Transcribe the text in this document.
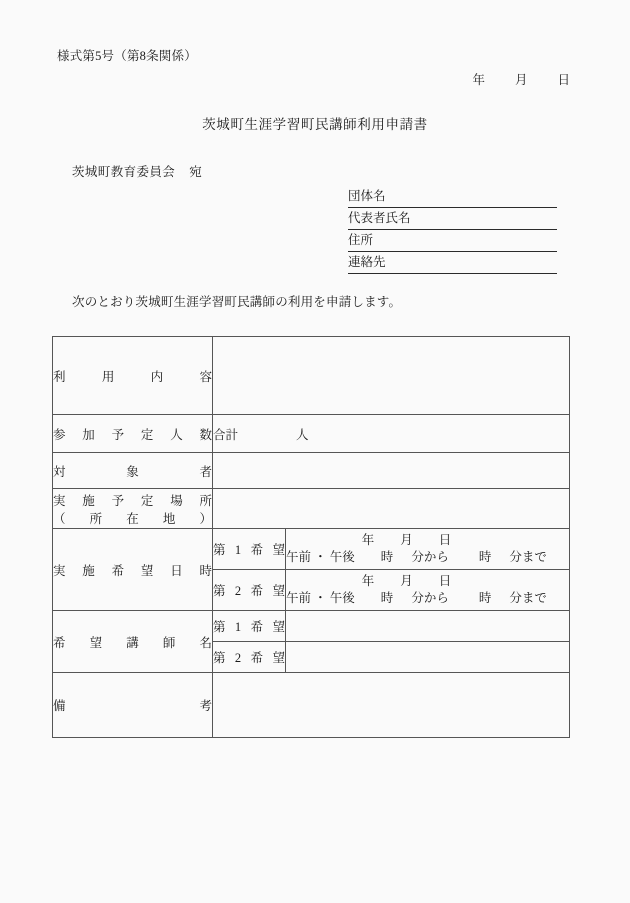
様式第5号（第8条関係）
年 月 日
茨城町生涯学習町民講師利用申請書
茨城町教育委員会 宛
団体名
代表者氏名
住所
連絡先
次のとおり茨城町生涯学習町民講師の利用を申請します。
利用内容		
参加予定人数	合計 人	
対象者		

実施予定場所
（所在地）		

実施希望日時	第1希望	年 月 日
午前 ・ 午後 時 分から 時 分まで

	第2希望	年 月 日
午前 ・ 午後 時 分から 時 分まで

希望講師名	第1希望	
	第2希望	
備考		
